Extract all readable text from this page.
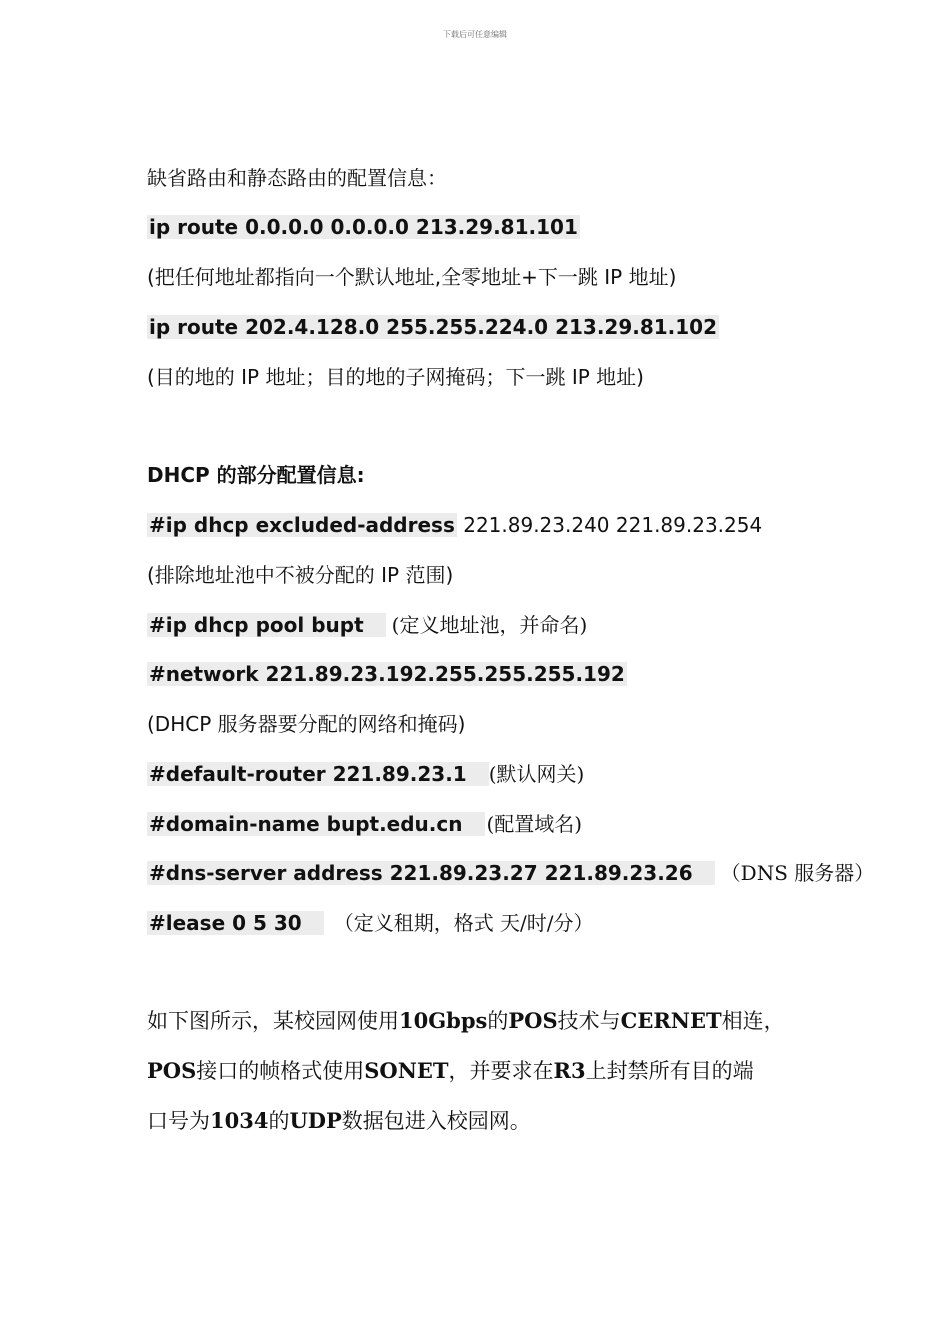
下载后可任意编辑
缺省路由和静态路由的配置信息：
ip route 0.0.0.0 0.0.0.0 213.29.81.101
(把任何地址都指向一个默认地址,全零地址+下一跳 IP 地址)
ip route 202.4.128.0 255.255.224.0 213.29.81.102
(目的地的 IP 地址；目的地的子网掩码；下一跳 IP 地址)
DHCP 的部分配置信息:
#ip dhcp excluded-address 221.89.23.240 221.89.23.254
(排除地址池中不被分配的 IP 范围)
#ip dhcp pool bupt (定义地址池，并命名)
#network 221.89.23.192.255.255.255.192
(DHCP 服务器要分配的网络和掩码)
#default-router 221.89.23.1 (默认网关)
#domain-name bupt.edu.cn (配置域名)
#dns-server address 221.89.23.27 221.89.23.26 （DNS 服务器）
#lease 0 5 30 （定义租期，格式 天/时/分）
如下图所示，某校园网使用10Gbps的POS技术与CERNET相连，
POS接口的帧格式使用SONET，并要求在R3上封禁所有目的端
口号为1034的UDP数据包进入校园网。
